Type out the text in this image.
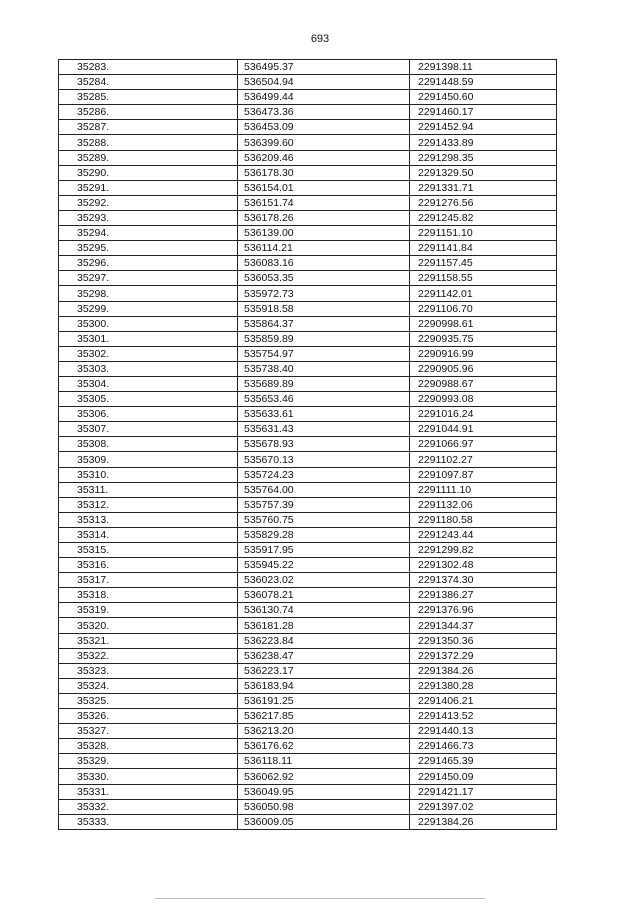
693
35283.	536495.37	2291398.11
35284.	536504.94	2291448.59
35285.	536499.44	2291450.60
35286.	536473.36	2291460.17
35287.	536453.09	2291452.94
35288.	536399.60	2291433.89
35289.	536209.46	2291298.35
35290.	536178.30	2291329.50
35291.	536154.01	2291331.71
35292.	536151.74	2291276.56
35293.	536178.26	2291245.82
35294.	536139.00	2291151.10
35295.	536114.21	2291141.84
35296.	536083.16	2291157.45
35297.	536053.35	2291158.55
35298.	535972.73	2291142.01
35299.	535918.58	2291106.70
35300.	535864.37	2290998.61
35301.	535859.89	2290935.75
35302.	535754.97	2290916.99
35303.	535738.40	2290905.96
35304.	535689.89	2290988.67
35305.	535653.46	2290993.08
35306.	535633.61	2291016.24
35307.	535631.43	2291044.91
35308.	535678.93	2291066.97
35309.	535670.13	2291102.27
35310.	535724.23	2291097.87
35311.	535764.00	2291111.10
35312.	535757.39	2291132.06
35313.	535760.75	2291180.58
35314.	535829.28	2291243.44
35315.	535917.95	2291299.82
35316.	535945.22	2291302.48
35317.	536023.02	2291374.30
35318.	536078.21	2291386.27
35319.	536130.74	2291376.96
35320.	536181.28	2291344.37
35321.	536223.84	2291350.36
35322.	536238.47	2291372.29
35323.	536223.17	2291384.26
35324.	536183.94	2291380.28
35325.	536191.25	2291406.21
35326.	536217.85	2291413.52
35327.	536213.20	2291440.13
35328.	536176.62	2291466.73
35329.	536118.11	2291465.39
35330.	536062.92	2291450.09
35331.	536049.95	2291421.17
35332.	536050.98	2291397.02
35333.	536009.05	2291384.26
